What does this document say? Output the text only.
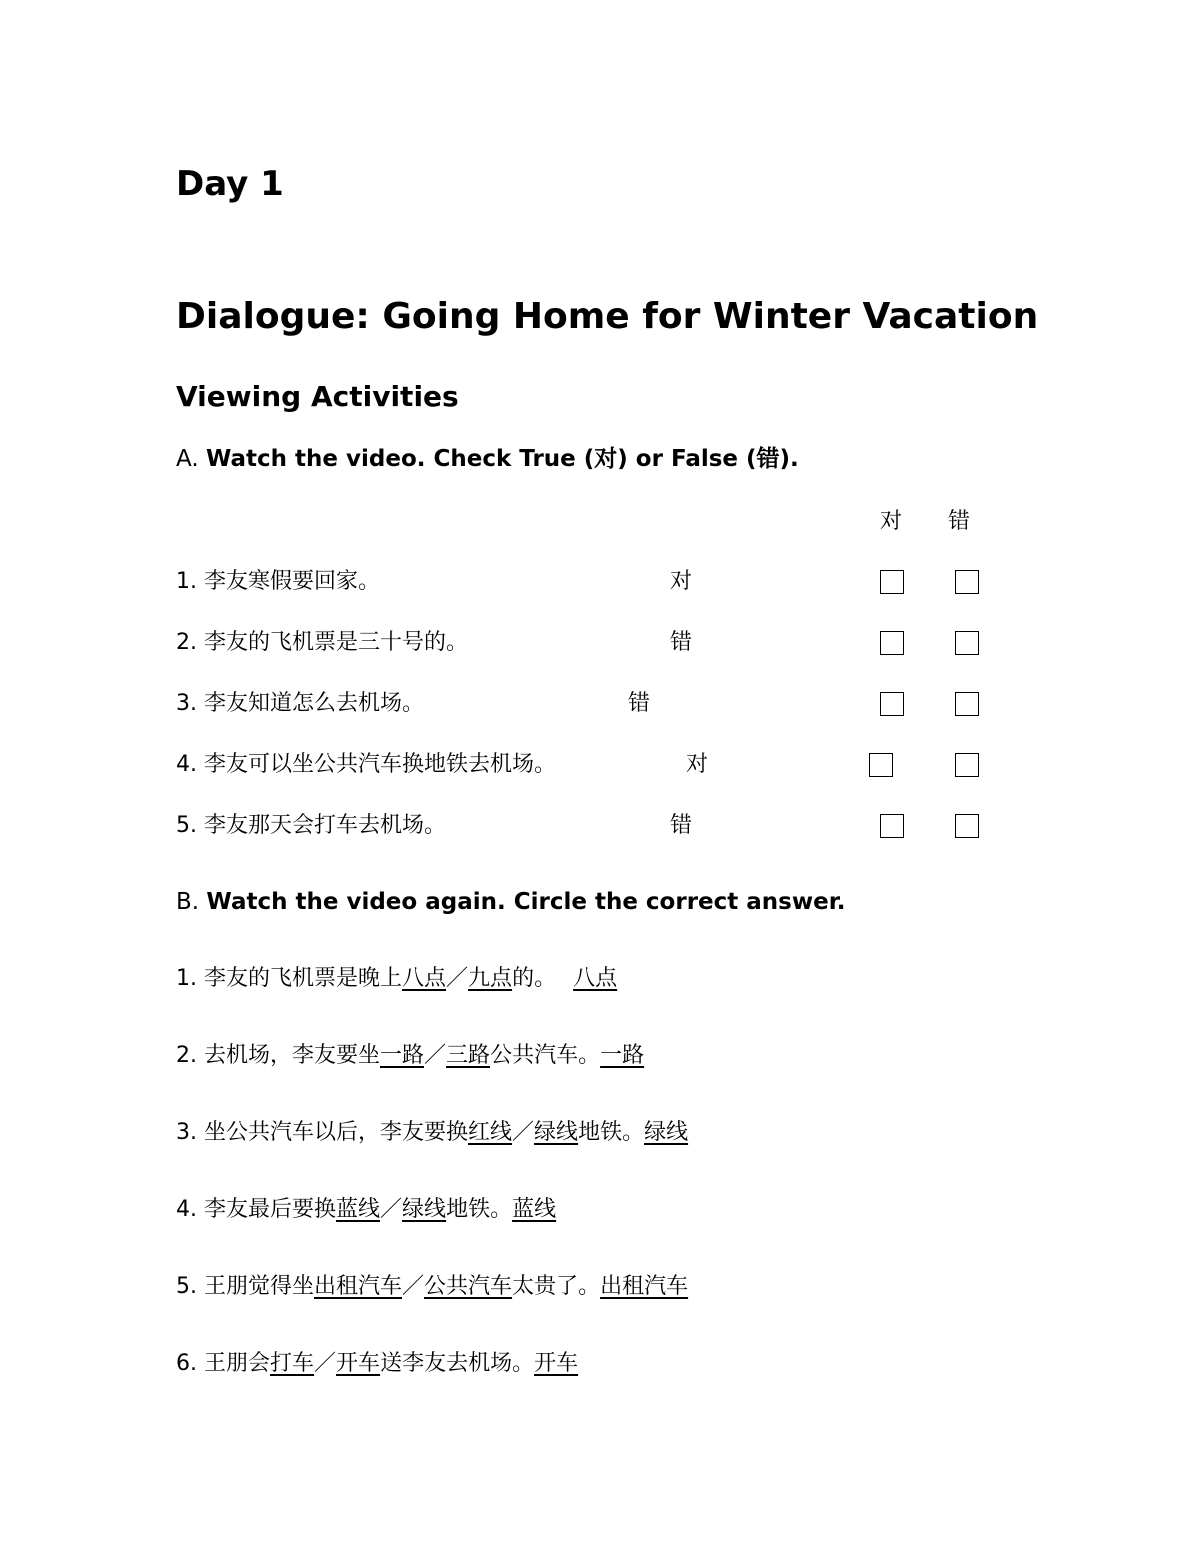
Day 1
Dialogue: Going Home for Winter Vacation
Viewing Activities
A. Watch the video. Check True (对) or False (错).
对 错
1. 李友寒假要回家。	对
2. 李友的飞机票是三十号的。	错
3. 李友知道怎么去机场。	错
4. 李友可以坐公共汽车换地铁去机场。	对
5. 李友那天会打车去机场。	错
B. Watch the video again. Circle the correct answer.
1. 李友的飞机票是晚上八点／九点的。 八点
2. 去机场，李友要坐一路／三路公共汽车。一路
3. 坐公共汽车以后，李友要换红线／绿线地铁。绿线
4. 李友最后要换蓝线／绿线地铁。蓝线
5. 王朋觉得坐出租汽车／公共汽车太贵了。出租汽车
6. 王朋会打车／开车送李友去机场。开车
